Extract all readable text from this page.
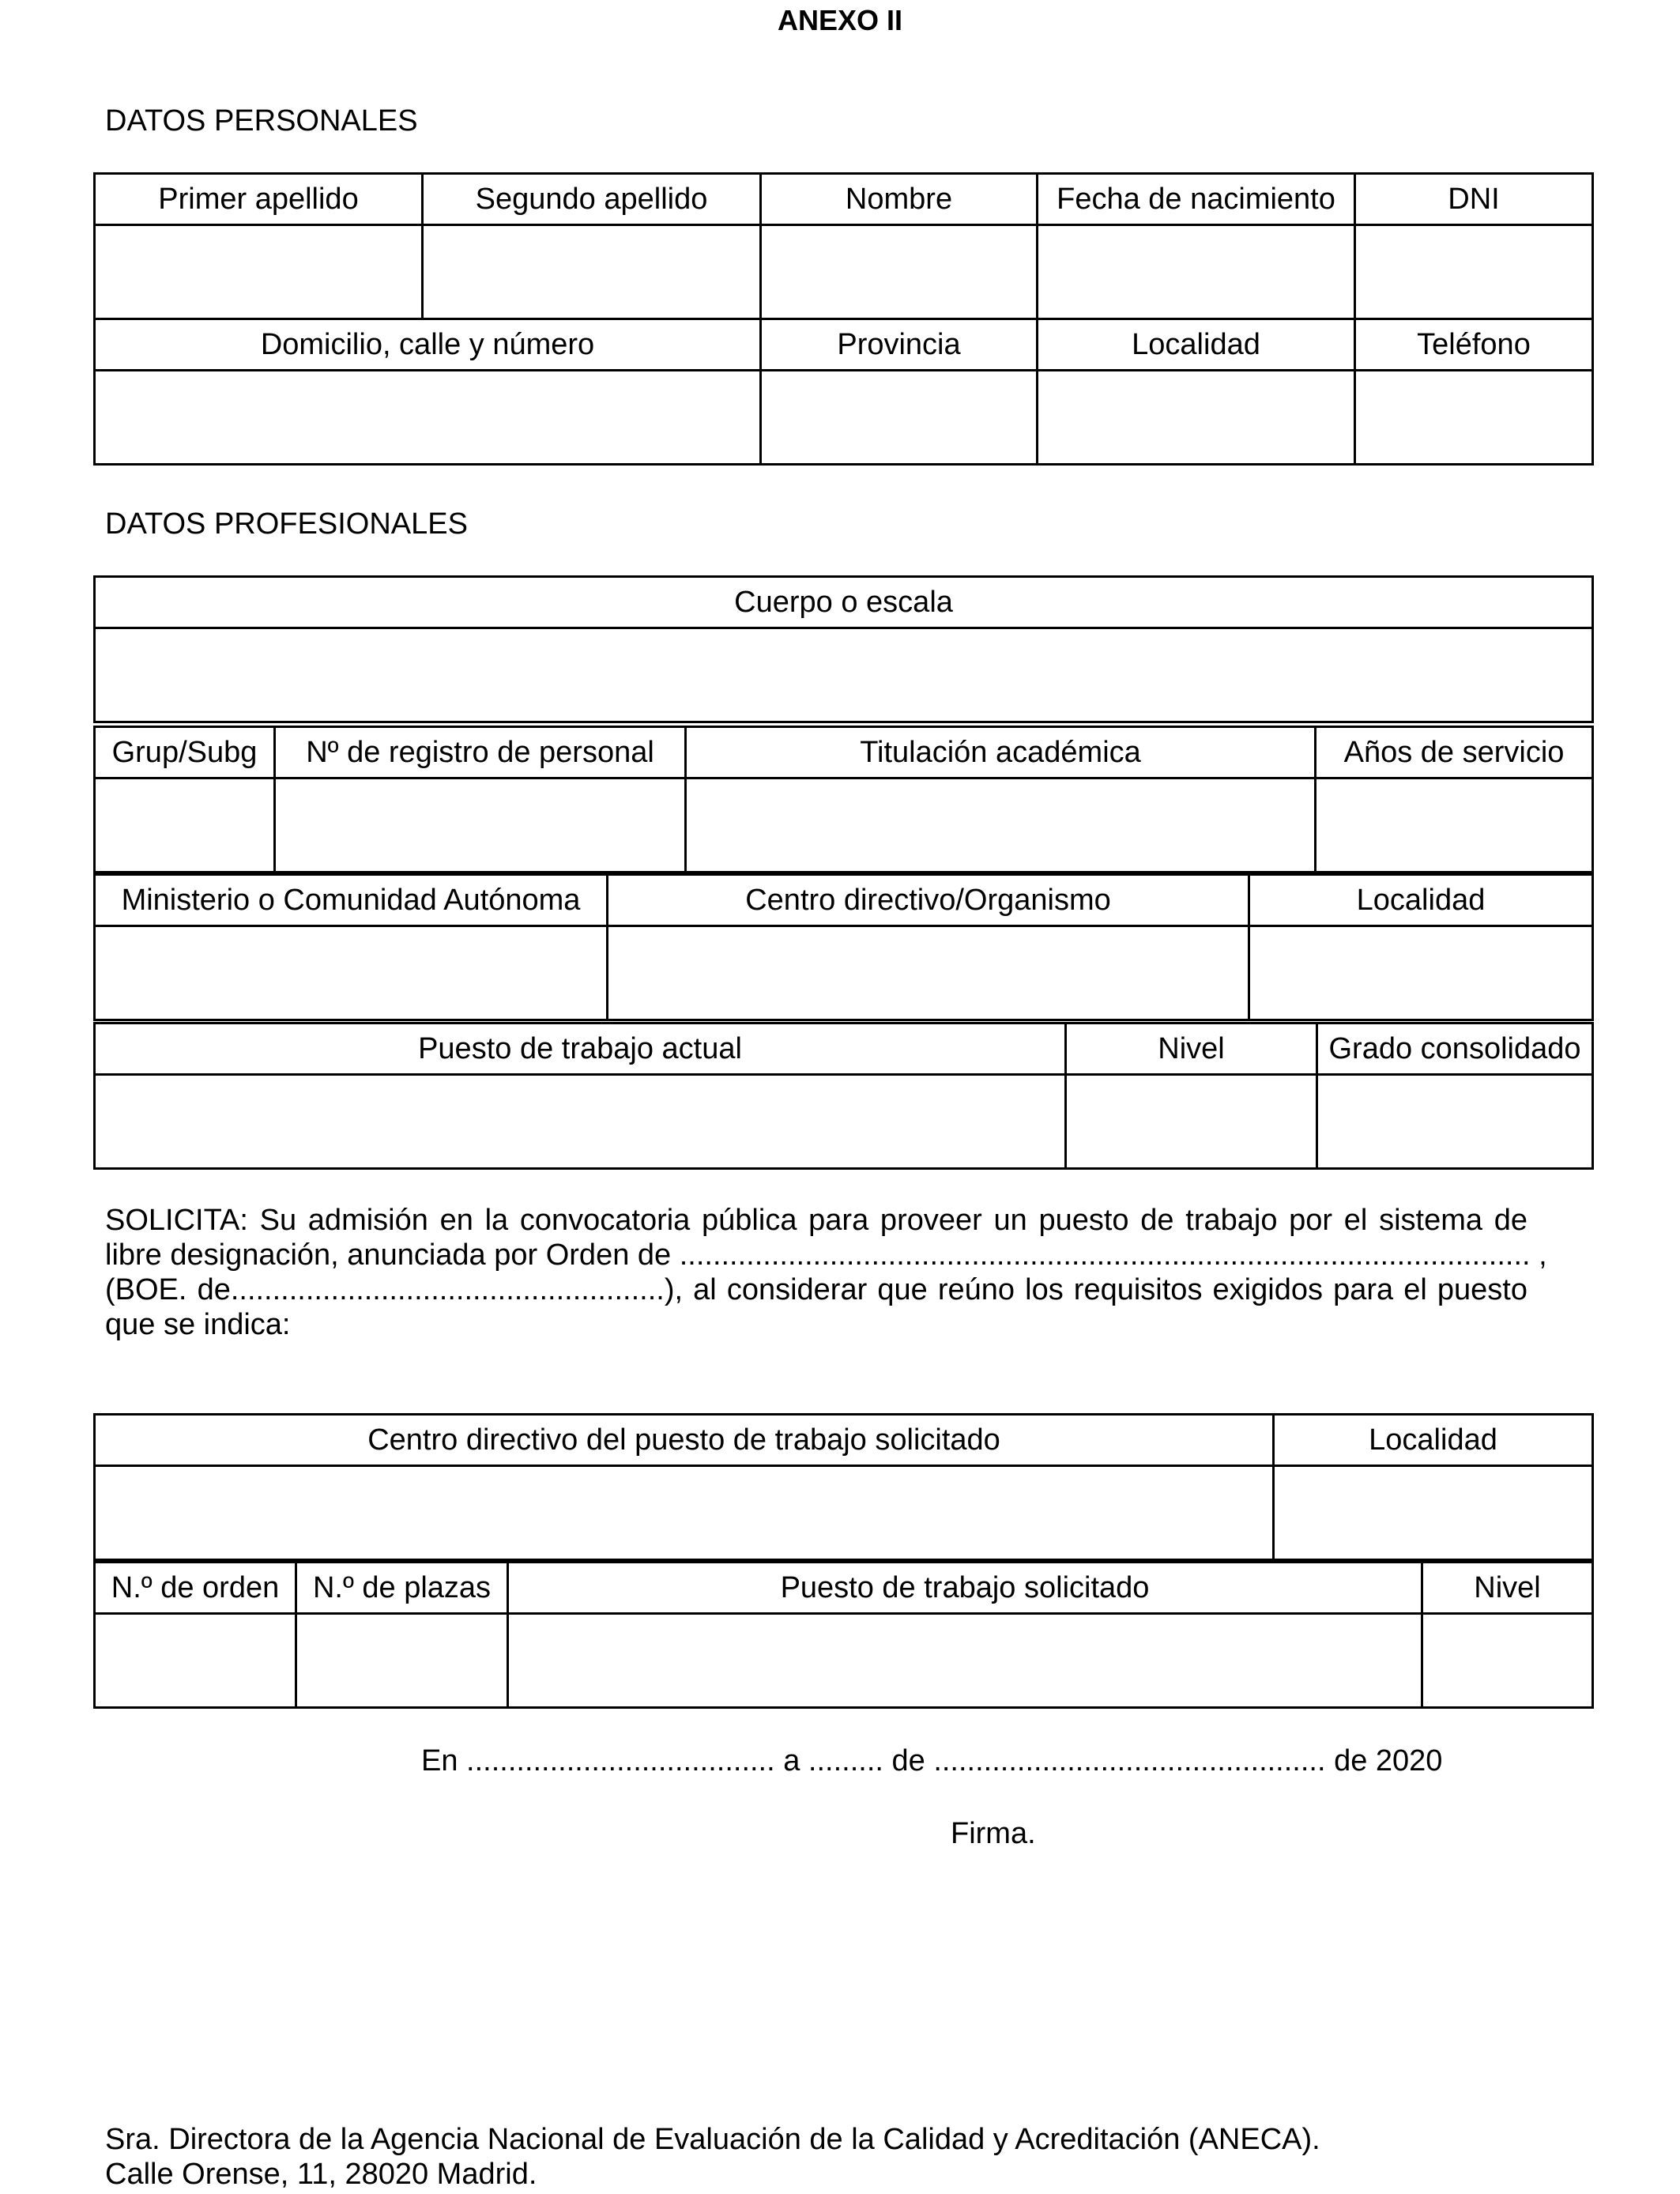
ANEXO II
DATOS PERSONALES
Primer apellido	Segundo apellido	Nombre	Fecha de nacimiento	DNI

Domicilio, calle y número		Provincia	Localidad	Teléfono

DATOS PROFESIONALES
Cuerpo o escala

Grup/Subg	Nº de registro de personal	Titulación académica	Años de servicio

Ministerio o Comunidad Autónoma	Centro directivo/Organismo	Localidad

Puesto de trabajo actual	Nivel	Grado consolidado

SOLICITA: Su admisión en la convocatoria pública para proveer un puesto de trabajo por el sistema de
libre designación, anunciada por Orden de ...................................................................................................... ,
(BOE. de....................................................), al considerar que reúno los requisitos exigidos para el puesto
que se indica:
Centro directivo del puesto de trabajo solicitado	Localidad

N.º de orden	N.º de plazas	Puesto de trabajo solicitado	Nivel

En ..................................... a ......... de ............................................... de 2020
Firma.
Sra. Directora de la Agencia Nacional de Evaluación de la Calidad y Acreditación (ANECA).
Calle Orense, 11, 28020 Madrid.
